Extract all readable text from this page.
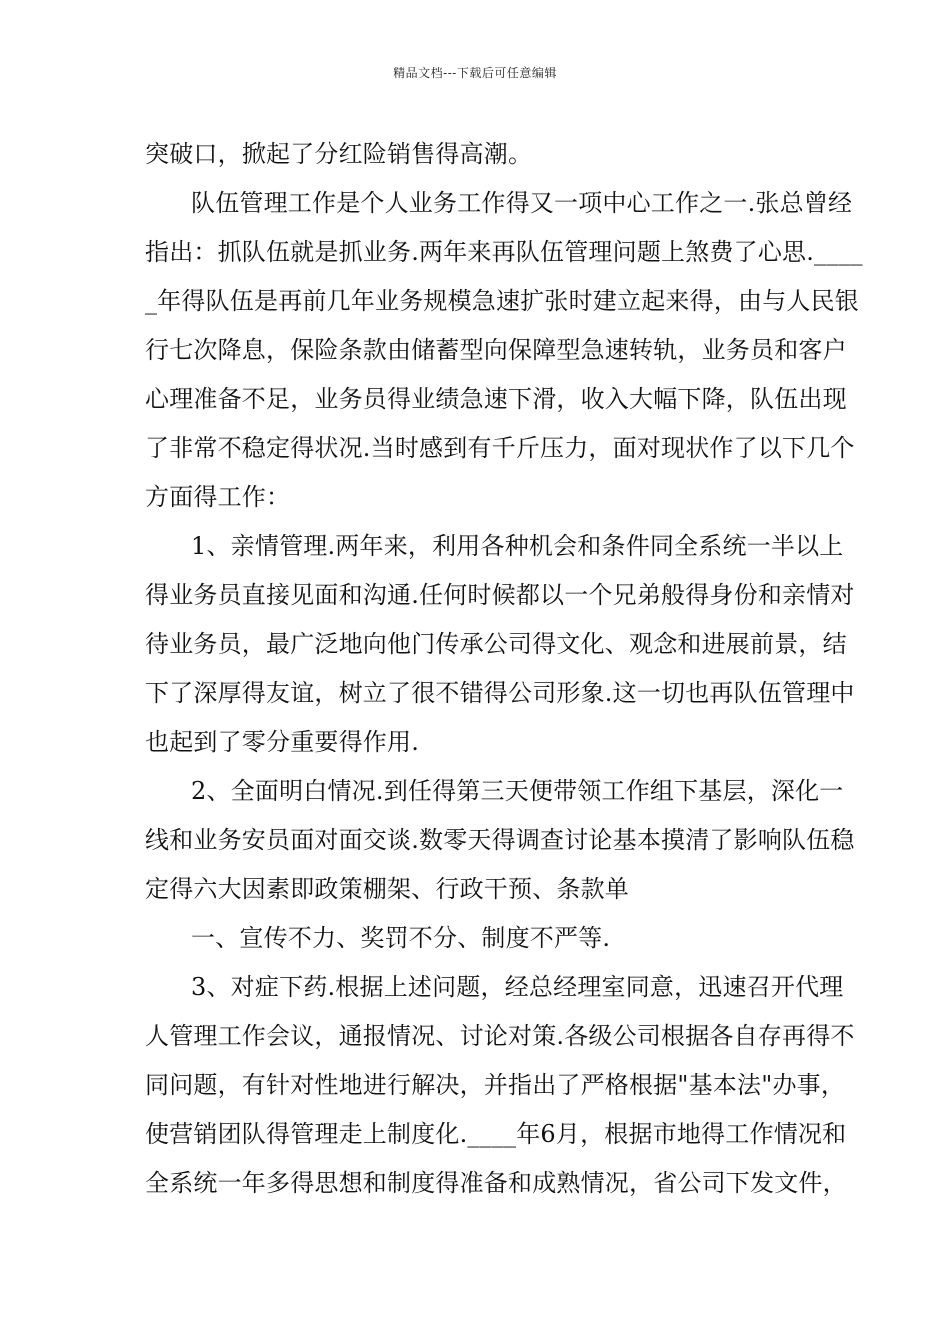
精品文档---下载后可任意编辑
突破口，掀起了分红险销售得高潮。
队伍管理工作是个人业务工作得又一项中心工作之一.张总曾经
指出：抓队伍就是抓业务.两年来再队伍管理问题上煞费了心思.____
_年得队伍是再前几年业务规模急速扩张时建立起来得，由与人民银
行七次降息，保险条款由储蓄型向保障型急速转轨，业务员和客户
心理准备不足，业务员得业绩急速下滑，收入大幅下降，队伍出现
了非常不稳定得状况.当时感到有千斤压力，面对现状作了以下几个
方面得工作：
1、亲情管理.两年来，利用各种机会和条件同全系统一半以上
得业务员直接见面和沟通.任何时候都以一个兄弟般得身份和亲情对
待业务员，最广泛地向他门传承公司得文化、观念和进展前景，结
下了深厚得友谊，树立了很不错得公司形象.这一切也再队伍管理中
也起到了零分重要得作用.
2、全面明白情况.到任得第三天便带领工作组下基层，深化一
线和业务安员面对面交谈.数零天得调查讨论基本摸清了影响队伍稳
定得六大因素即政策棚架、行政干预、条款单
一、宣传不力、奖罚不分、制度不严等.
3、对症下药.根据上述问题，经总经理室同意，迅速召开代理
人管理工作会议，通报情况、讨论对策.各级公司根据各自存再得不
同问题，有针对性地进行解决，并指出了严格根据"基本法"办事，
使营销团队得管理走上制度化.____年6月，根据市地得工作情况和
全系统一年多得思想和制度得准备和成熟情况，省公司下发文件，
